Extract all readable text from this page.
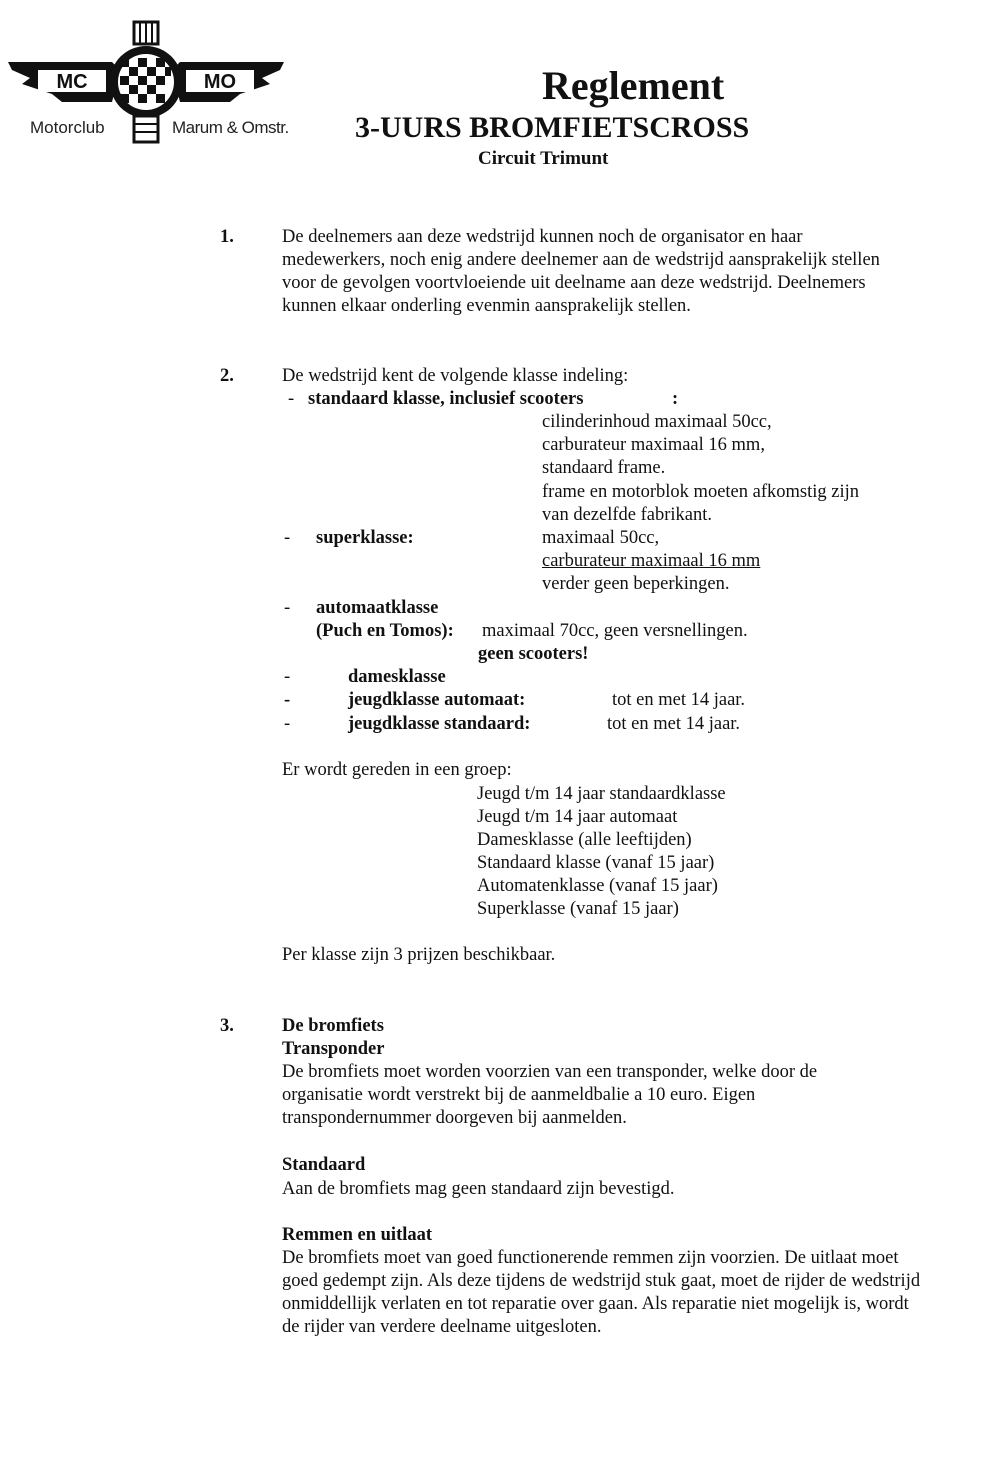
MC	MO
Motorclub	Marum & Omstr.
Reglement
3-UURS BROMFIETSCROSS
Circuit Trimunt
1.	De deelnemers aan deze wedstrijd kunnen noch de organisator en haar medewerkers, noch enig andere deelnemer aan de wedstrijd aansprakelijk stellen voor de gevolgen voortvloeiende uit deelname aan deze wedstrijd. Deelnemers kunnen elkaar onderling evenmin aansprakelijk stellen.
2.	De wedstrijd kent de volgende klasse indeling:
- standaard klasse, inclusief scooters	:
cilinderinhoud maximaal 50cc,
carburateur maximaal 16 mm,
standaard frame.
frame en motorblok moeten afkomstig zijn
van dezelfde fabrikant.
- superklasse:	maximaal 50cc,
carburateur maximaal 16 mm
verder geen beperkingen.
- automaatklasse
(Puch en Tomos): maximaal 70cc, geen versnellingen.
geen scooters!
-	damesklasse
-	jeugdklasse automaat:	tot en met 14 jaar.
-	jeugdklasse standaard:	tot en met 14 jaar.
Er wordt gereden in een groep:
Jeugd t/m 14 jaar standaardklasse
Jeugd t/m 14 jaar automaat
Damesklasse (alle leeftijden)
Standaard klasse (vanaf 15 jaar)
Automatenklasse (vanaf 15 jaar)
Superklasse (vanaf 15 jaar)
Per klasse zijn 3 prijzen beschikbaar.
3.	De bromfiets
Transponder
De bromfiets moet worden voorzien van een transponder, welke door de organisatie wordt verstrekt bij de aanmeldbalie a 10 euro. Eigen transpondernummer doorgeven bij aanmelden.
Standaard
Aan de bromfiets mag geen standaard zijn bevestigd.
Remmen en uitlaat
De bromfiets moet van goed functionerende remmen zijn voorzien. De uitlaat moet goed gedempt zijn. Als deze tijdens de wedstrijd stuk gaat, moet de rijder de wedstrijd onmiddellijk verlaten en tot reparatie over gaan. Als reparatie niet mogelijk is, wordt de rijder van verdere deelname uitgesloten.
